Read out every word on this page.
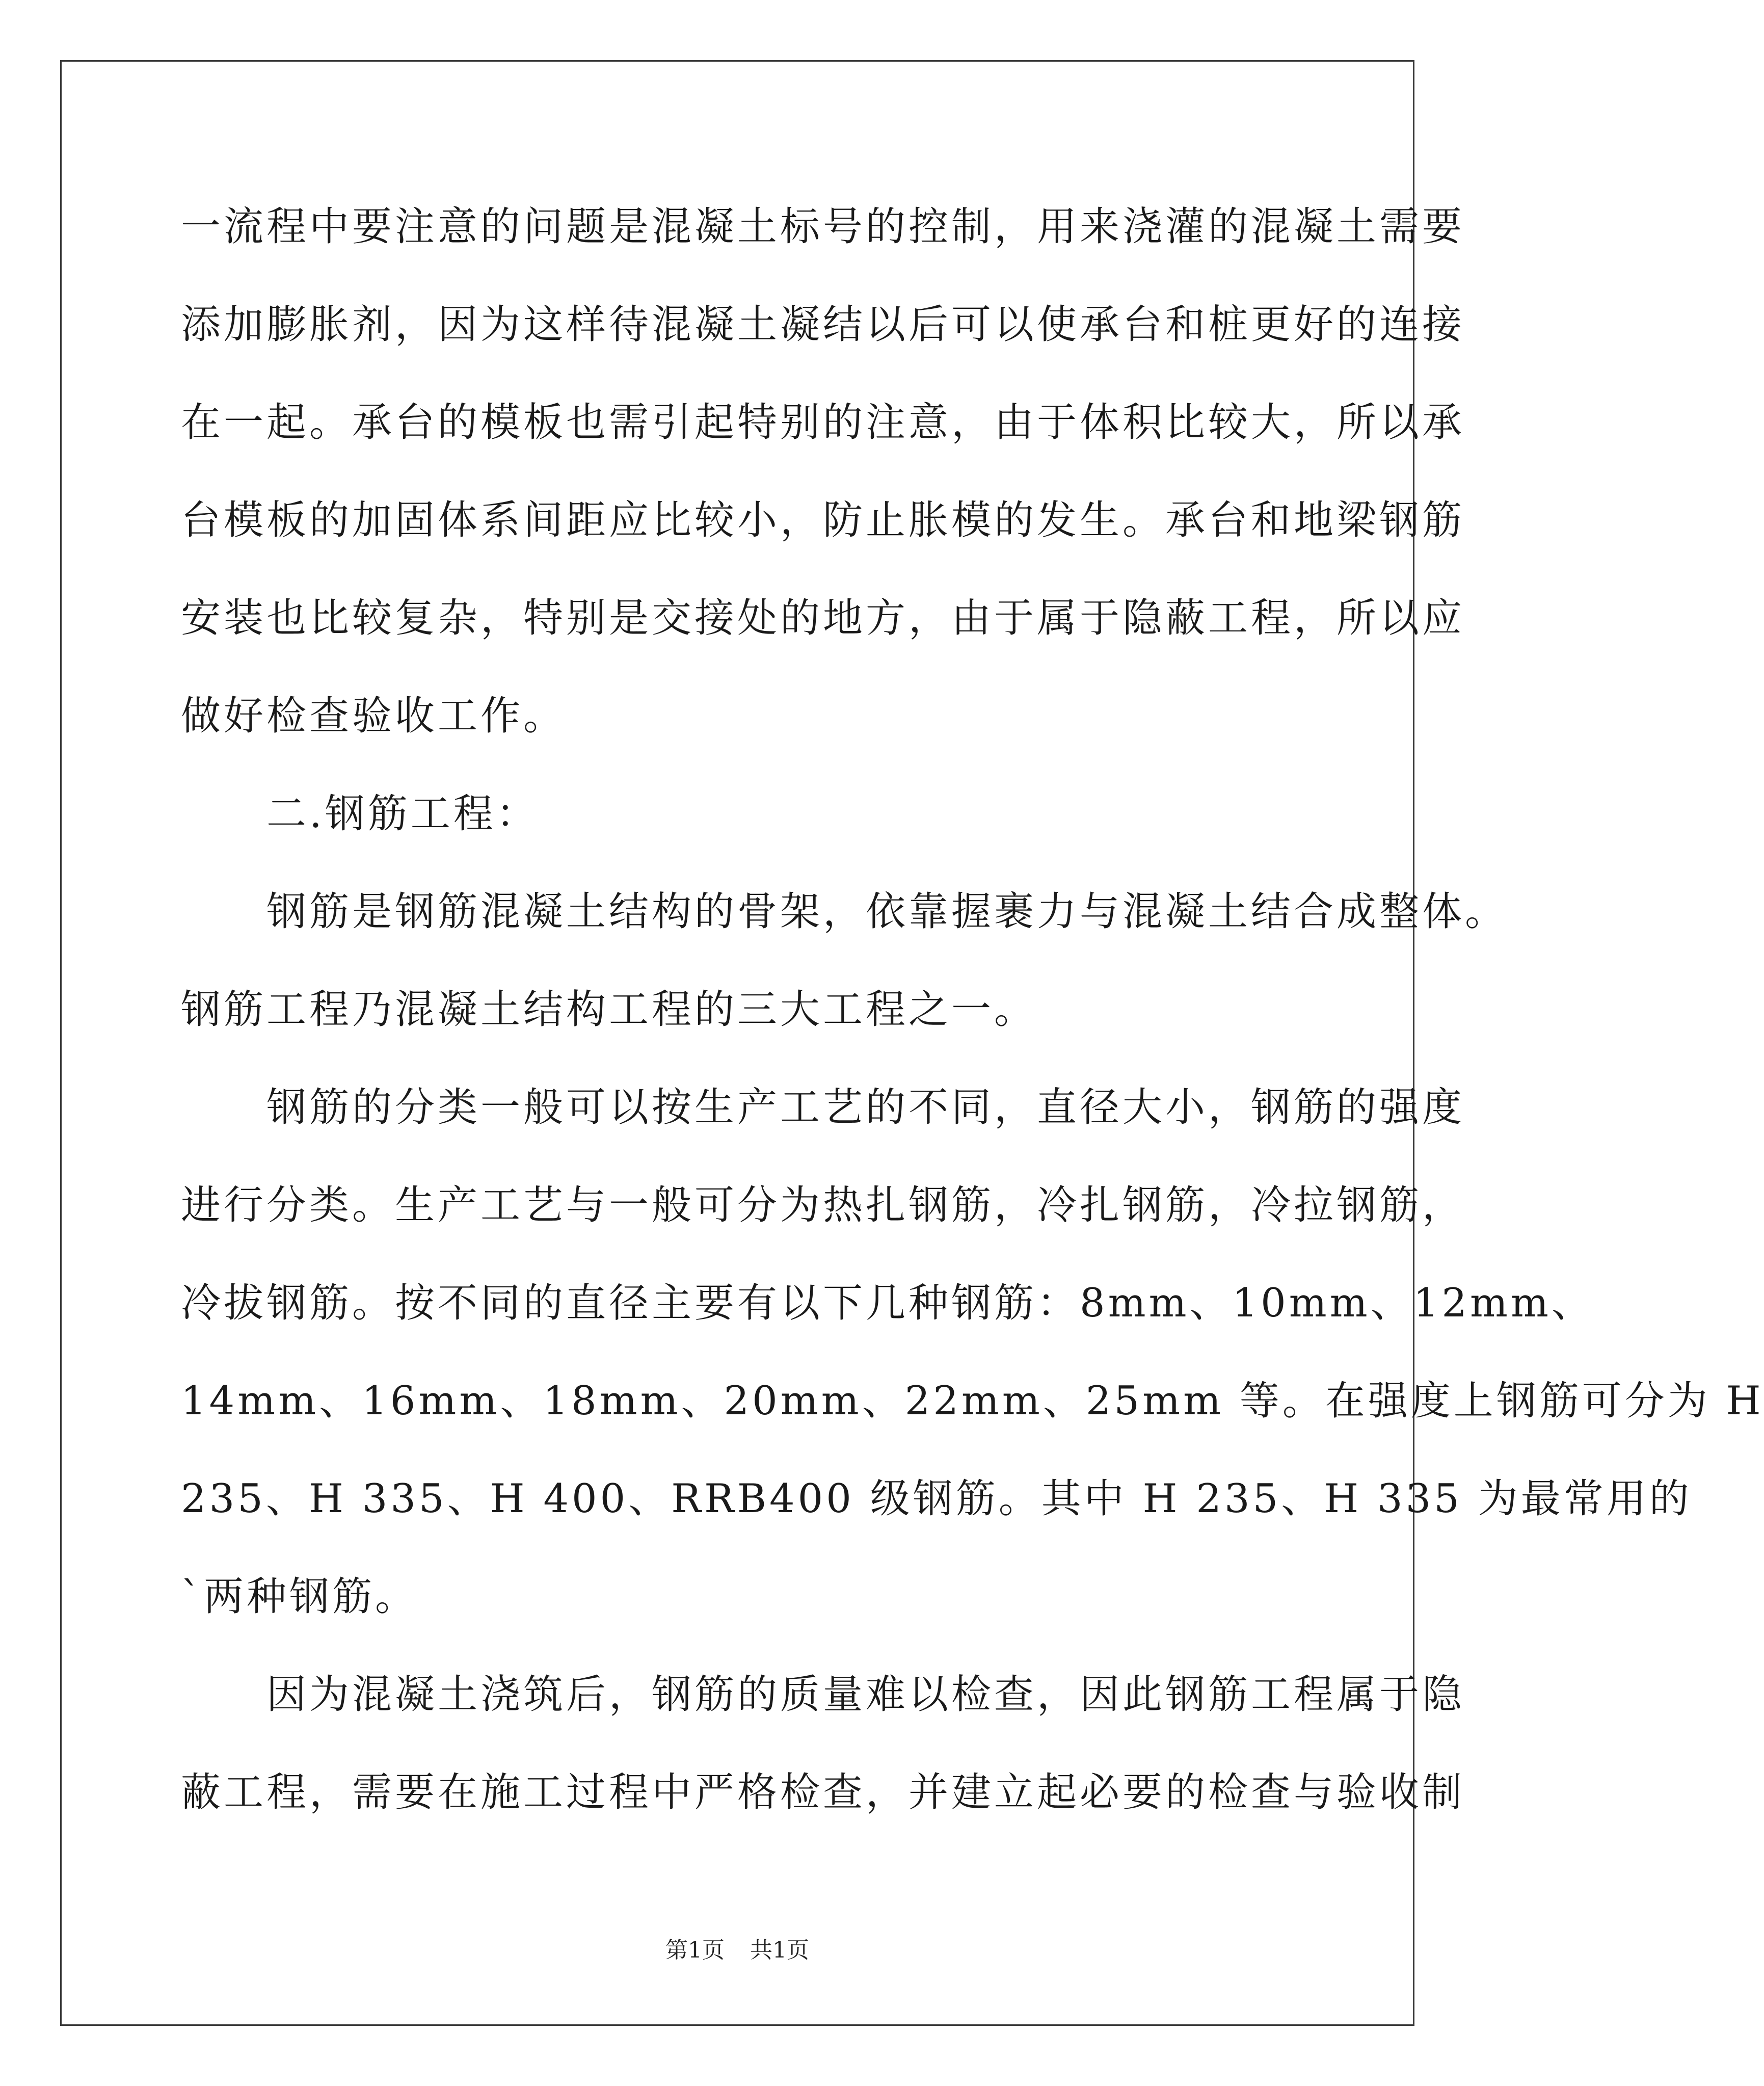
一流程中要注意的问题是混凝土标号的控制，用来浇灌的混凝土需要
添加膨胀剂，因为这样待混凝土凝结以后可以使承台和桩更好的连接
在一起。承台的模板也需引起特别的注意，由于体积比较大，所以承
台模板的加固体系间距应比较小，防止胀模的发生。承台和地梁钢筋
安装也比较复杂，特别是交接处的地方，由于属于隐蔽工程，所以应
做好检查验收工作。
　　二.钢筋工程：
　　钢筋是钢筋混凝土结构的骨架，依靠握裹力与混凝土结合成整体。
钢筋工程乃混凝土结构工程的三大工程之一。
　　钢筋的分类一般可以按生产工艺的不同，直径大小，钢筋的强度
进行分类。生产工艺与一般可分为热扎钢筋，冷扎钢筋，冷拉钢筋，
冷拔钢筋。按不同的直径主要有以下几种钢筋：8mm、10mm、12mm、
14mm、16mm、18mm、20mm、22mm、25mm 等。在强度上钢筋可分为 H
235、H 335、H 400、RRB400 级钢筋。其中 H 235、H 335 为最常用的
`两种钢筋。
　　因为混凝土浇筑后，钢筋的质量难以检查，因此钢筋工程属于隐
蔽工程，需要在施工过程中严格检查，并建立起必要的检查与验收制
第1页 共1页
